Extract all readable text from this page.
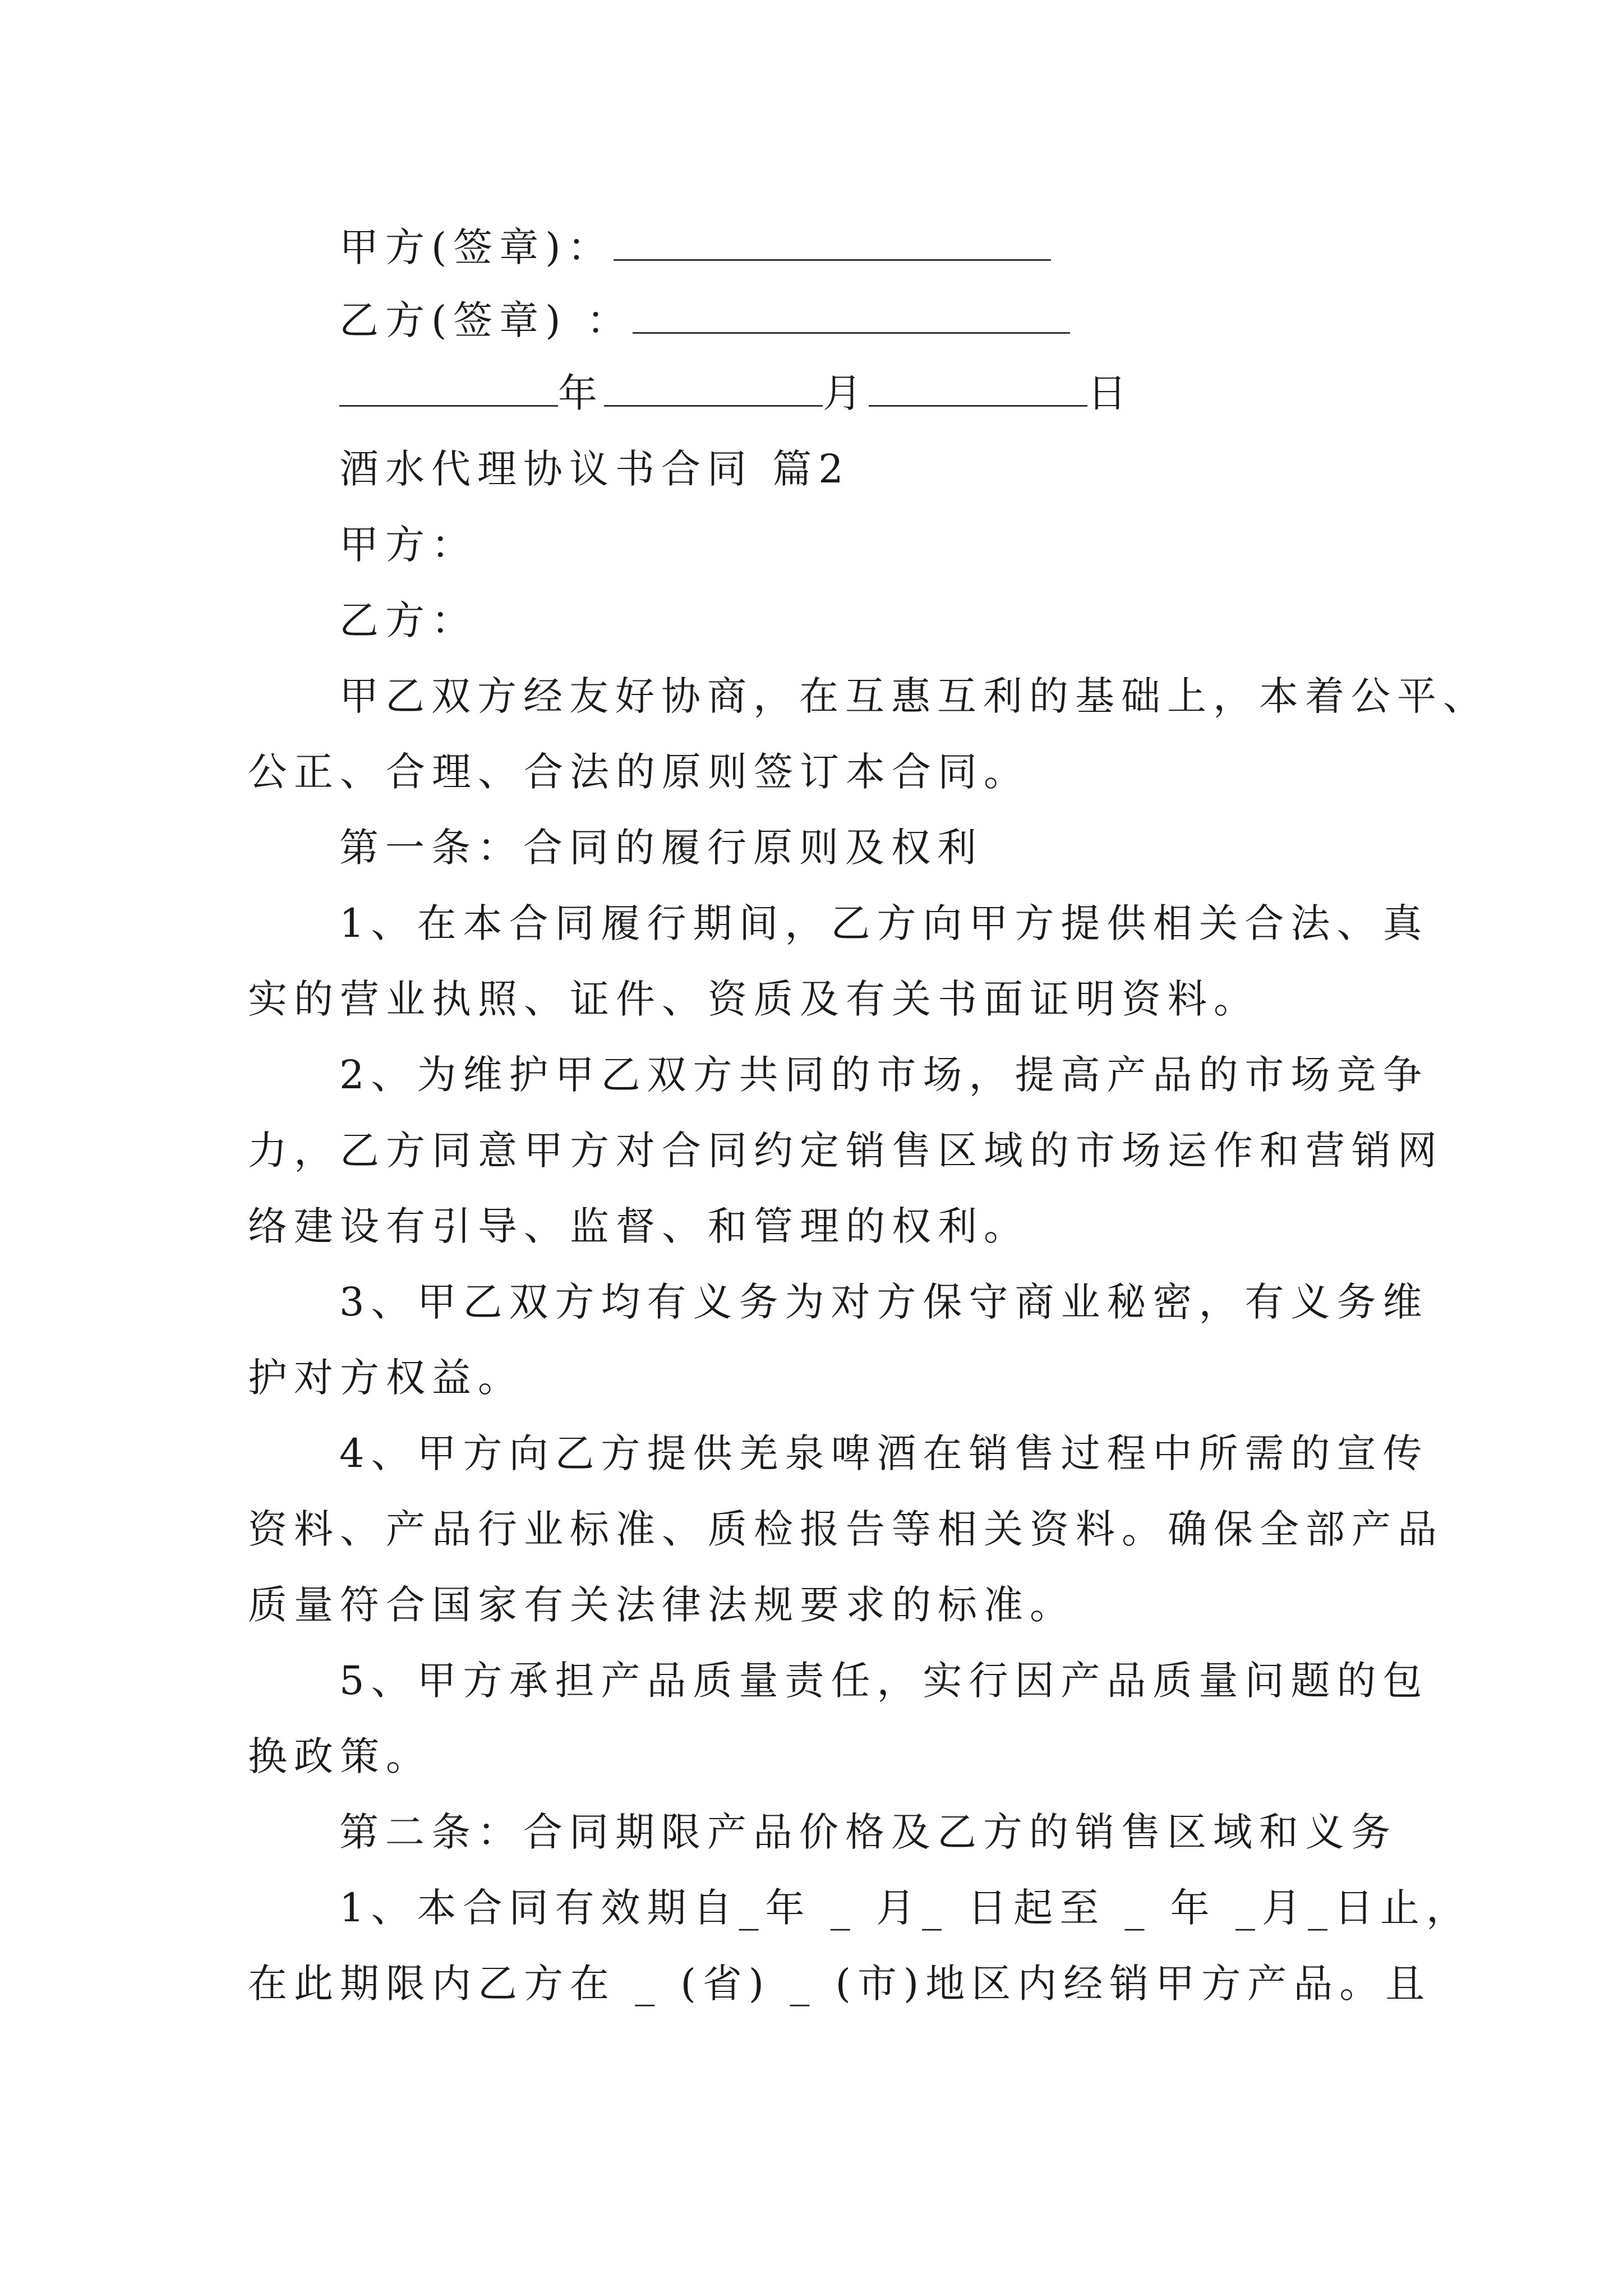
甲方(签章)：
乙方(签章) ：
年	月	日
酒水代理协议书合同 篇2
甲方：
乙方：
甲乙双方经友好协商，在互惠互利的基础上，本着公平、
公正、合理、合法的原则签订本合同。
第一条：合同的履行原则及权利
1、在本合同履行期间，乙方向甲方提供相关合法、真
实的营业执照、证件、资质及有关书面证明资料。
2、为维护甲乙双方共同的市场，提高产品的市场竞争
力，乙方同意甲方对合同约定销售区域的市场运作和营销网
络建设有引导、监督、和管理的权利。
3、甲乙双方均有义务为对方保守商业秘密，有义务维
护对方权益。
4、甲方向乙方提供羌泉啤酒在销售过程中所需的宣传
资料、产品行业标准、质检报告等相关资料。确保全部产品
质量符合国家有关法律法规要求的标准。
5、甲方承担产品质量责任，实行因产品质量问题的包
换政策。
第二条：合同期限产品价格及乙方的销售区域和义务
1、本合同有效期自_年 _ 月_ 日起至 _ 年 _月_日止，
在此期限内乙方在 _ (省) _ (市)地区内经销甲方产品。且
